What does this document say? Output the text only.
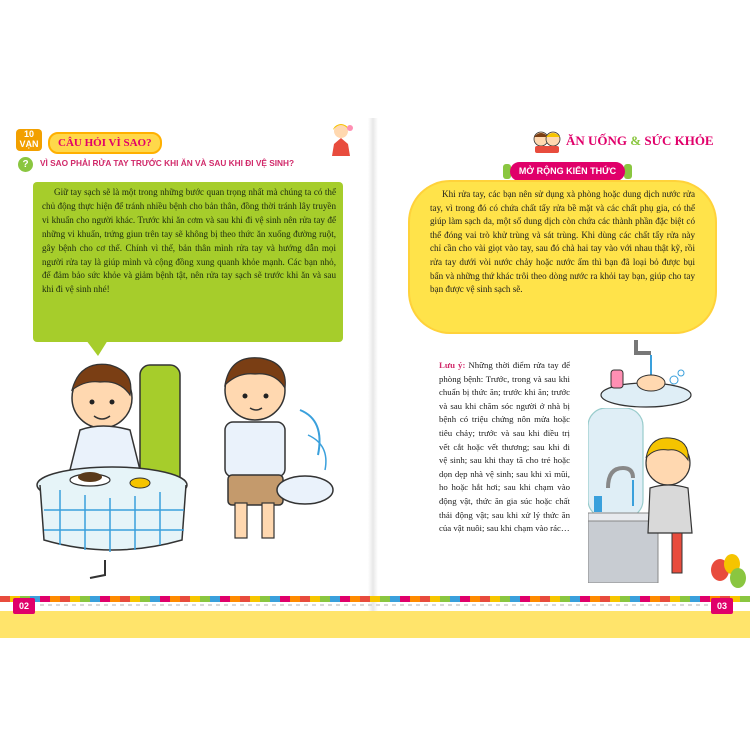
10 VẠN	CÂU HỎI VÌ SAO?
?	VÌ SAO PHẢI RỬA TAY TRƯỚC KHI ĂN VÀ SAU KHI ĐI VỆ SINH?
Giữ tay sạch sẽ là một trong những bước quan trọng nhất mà chúng ta có thể chủ động thực hiện để tránh nhiều bệnh cho bản thân, đồng thời tránh lây truyền vi khuẩn cho người khác. Trước khi ăn cơm và sau khi đi vệ sinh nên rửa tay để những vi khuẩn, trứng giun trên tay sẽ không bị theo thức ăn xuống đường ruột, gây bệnh cho cơ thể. Chính vì thế, bản thân mình rửa tay và hướng dẫn mọi người rửa tay là giúp mình và cộng đồng xung quanh khỏe mạnh. Các bạn nhỏ, để đảm bảo sức khỏe và giảm bệnh tật, nên rửa tay sạch sẽ trước khi ăn và sau khi đi vệ sinh nhé!
ĂN UỐNG & SỨC KHỎE
MỞ RỘNG KIẾN THỨC
Khi rửa tay, các bạn nên sử dụng xà phòng hoặc dung dịch nước rửa tay, vì trong đó có chứa chất tẩy rửa bề mặt và các chất phụ gia, có thể giúp làm sạch da, một số dung dịch còn chứa các thành phần đặc biệt có thể đóng vai trò khử trùng và sát trùng. Khi dùng các chất tẩy rửa này chỉ cần cho vài giọt vào tay, sau đó chà hai tay vào với nhau thật kỹ, rồi rửa tay dưới vòi nước chảy hoặc nước ấm thì bạn đã loại bỏ được bụi bẩn và những thứ khác trôi theo dòng nước ra khỏi tay bạn, giúp cho tay bạn được vệ sinh sạch sẽ.
Lưu ý: Những thời điểm rửa tay để phòng bệnh: Trước, trong và sau khi chuẩn bị thức ăn; trước khi ăn; trước và sau khi chăm sóc người ở nhà bị bệnh có triệu chứng nôn mửa hoặc tiêu chảy; trước và sau khi điều trị vết cắt hoặc vết thương; sau khi đi vệ sinh; sau khi thay tã cho trẻ hoặc dọn dẹp nhà vệ sinh; sau khi xì mũi, ho hoặc hắt hơi; sau khi chạm vào động vật, thức ăn gia súc hoặc chất thải động vật; sau khi xử lý thức ăn của vật nuôi; sau khi chạm vào rác…
02	03
